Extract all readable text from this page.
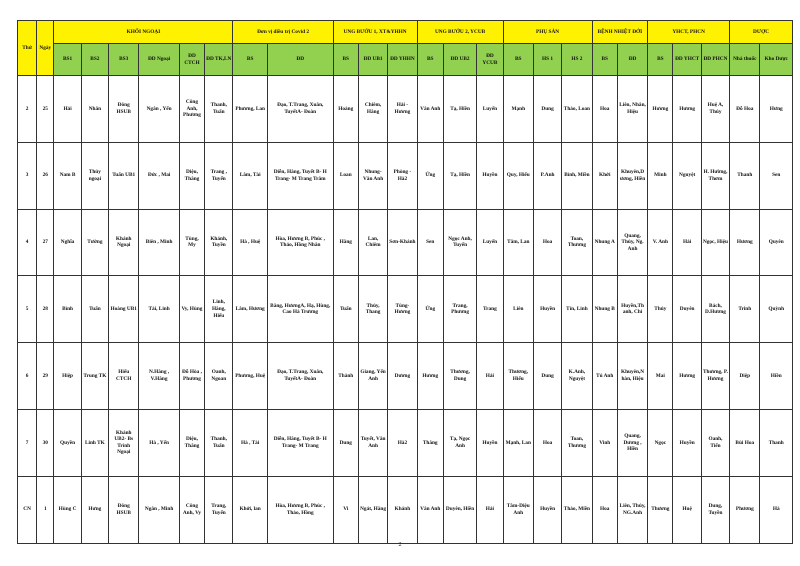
Thứ	Ngày	KHỐI NGOẠI						Đơn vị điều trị Covid 2		UNG BƯỚU 1, XT&YHHN			UNG BƯỚU 2, YCUB			PHỤ SẢN			BỆNH NHIỆT ĐỚI		YHCT, PHCN			DƯỢC	
		BS1	BS2	BS3	ĐD Ngoại	ĐD CTCH	ĐD TK,LN	BS	ĐD	BS	ĐD UB1	ĐD YHHN	BS	ĐD UB2	ĐD YCUB	BS	HS 1	HS 2	BS	ĐD	BS	ĐD YHCT	ĐD PHCN	Nhà thuốc	Kho Dược
2	25	Hải	Nhân	Đông HSUB	Ngân , Yến	Công Anh, Phương	Thanh, Tuấn	Phương, Lan	Đạo, T.Trang, Xuân, TuyếtA- Đoàn	Hoàng	Chiêm, Hằng	Hải - Hương	Vân Anh	Tạ, Hiền	Luyến	Mạnh	Dung	Thảo, Loan	Hoa	Liên, Nhân, Hiệu	Hương	Hương	Huệ A, Thủy	Đỗ Hoa	Hưng
3	26	Nam B	Thủy ngoại	Tuấn UB1	Đức , Mai	Diệu, Thắng	Trang , Tuyến	Lâm, Tài	Diễn, Hằng, Tuyết B- H Trang- M Trang Trâm	Loan	Nhung-Vân Anh	Phòng - Hà2	Ứng	Tạ, Hiền	Huyền	Quy, Hiếu	P.Anh	Bình, Miền	Khởi	Khuyên,D ương, Hiền	Minh	Nguyệt	H. Hường, Thơm	Thanh	Sen
4	27	Nghĩa	Tường	Khánh Ngoại	Biên , Minh	Tùng, My	Khánh, Tuyền	Hà , Huệ	Hòa, Hương B, Phúc , Thảo, Hồng Nhân	Hằng	Lan, Chiêm	Sơn-Khánh	Sen	Ngọc Anh, Tuyến	Luyến	Tâm, Lan	Hoa	Toan, Thương	Nhung A	Quang, Thủy, Ng. Anh	V. Anh	Hải	Ngọc, Hiệu	Hương	Quyên
5	28	Bình	Tuấn	Hoàng UB1	Tài, Linh	Vy, Hùng	Linh, Hằng, Hiếu	Lâm, Hương	Bằng, HươngA, Hạ, Hùng, Cao Hà Trương	Tuấn	Thủy, Thang	Tùng-Hương	Ứng	Trang, Phương	Trang	Liên	Huyền	Tín, Linh	Nhung B	Huyền,Th anh, Chi	Thủy	Duyên	Bách, D.Hương	Trinh	Quỳnh
6	29	Hiệp	Trung TK	Hiếu CTCH	N.Hằng , V.Hằng	Đỗ Hòa , Phương	Oanh, Ngoan	Phương, Huệ	Đạo, T.Trang, Xuân, TuyếtA- Đoàn	Thành	Giang, Yến Anh	Dương	Hương	Thương, Dung	Hải	Thương, Hiếu	Dung	K.Anh, Nguyệt	Tú Anh	Khuyên,N hàn, Hiệu	Mai	Hương	Thương, P. Hương	Diệp	Hiền
7	30	Quyền	Linh TK	Khánh UB2- Bs Trình Ngoại	Hà , Yến	Diệu, Thắng	Thanh, Tuấn	Hà , Tài	Diễn, Hằng, Tuyết B- H Trang- M Trang	Dung	Tuyết, Vân Anh	Hà2	Thắng	Tạ, Ngọc Anh	Huyền	Mạnh, Lan	Hoa	Toan, Thương	Vinh	Quang, Dương , Hiền	Ngọc	Huyền	Oanh, Tiến	Bùi Hoa	Thanh
CN	1	Hùng C	Hưng	Đông HSUB	Ngân , Minh	Công Anh, Vy	Trang, Tuyến	Khởi, lan	Hòa, Hương B, Phúc , Thảo, Hồng	Vi	Ngát, Hằng	Khánh	Vân Anh	Duyên, Hiền	Hải	Tâm-Diệu Anh	Huyền	Thảo, Miền	Hoa	Liên, Thủy, NG.Anh	Thương	Huệ	Dung, Tuyền	Phương	Hà
2
